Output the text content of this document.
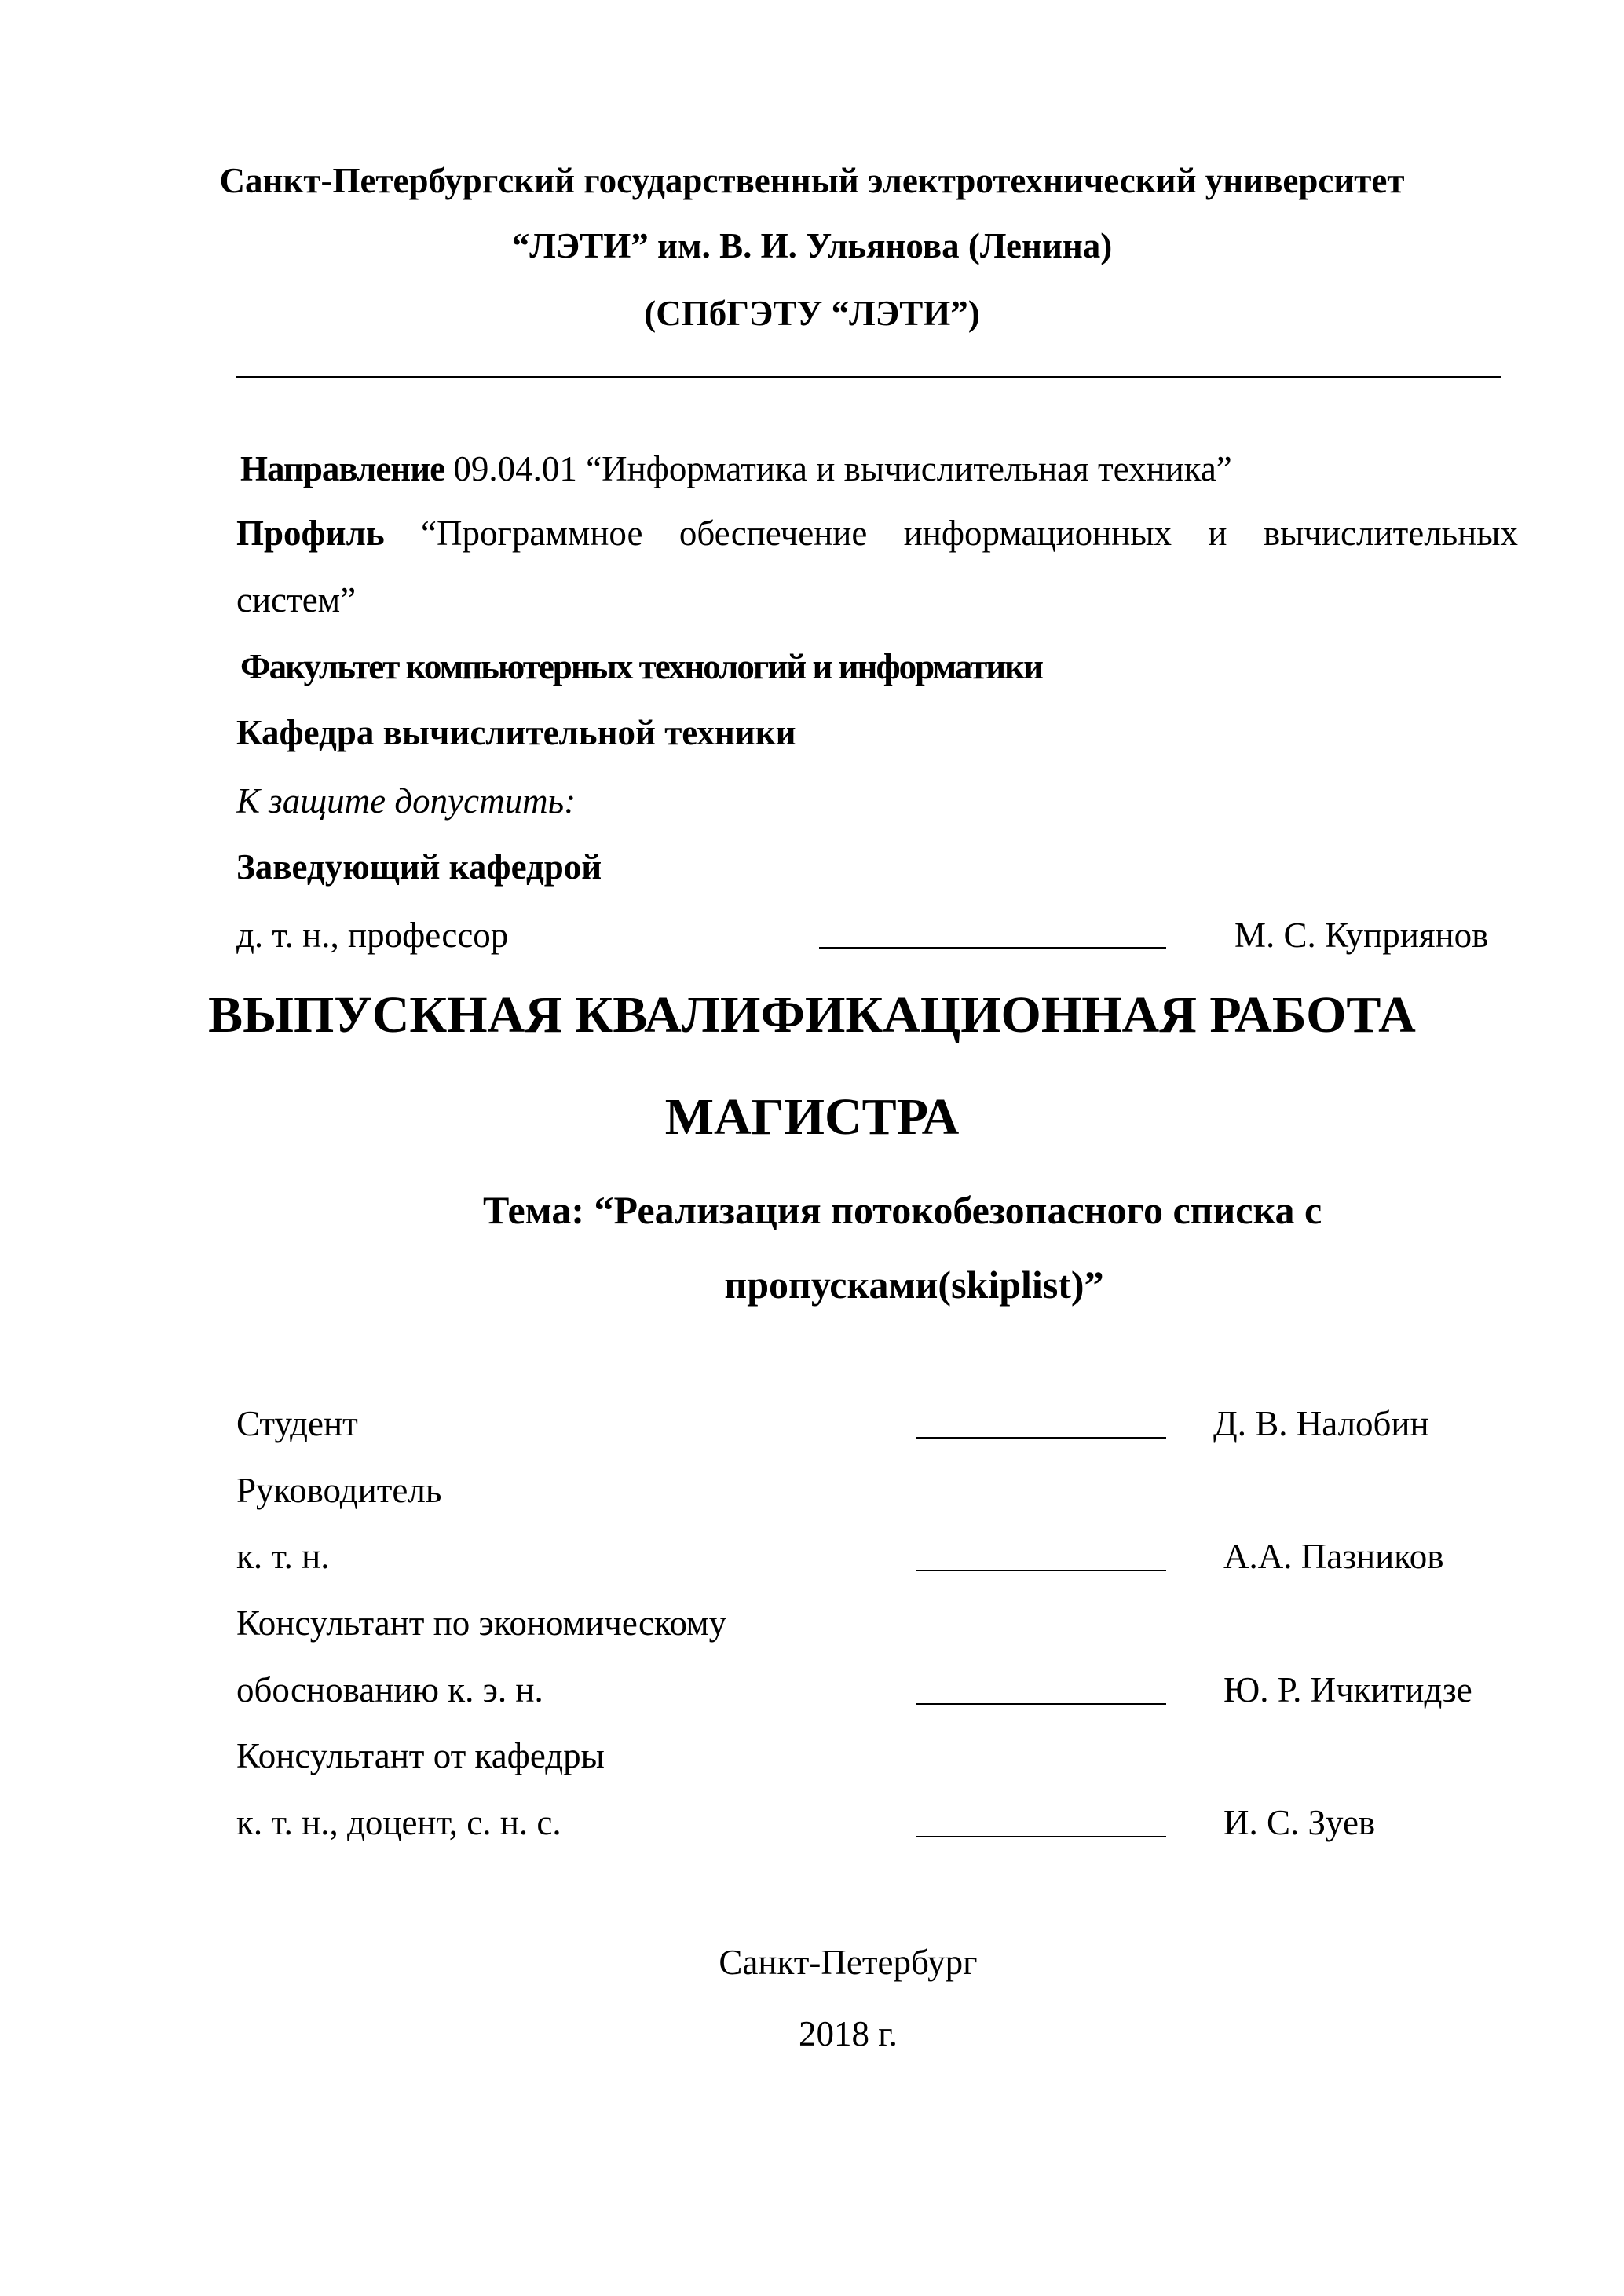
Санкт-Петербургский государственный электротехнический университет
“ЛЭТИ” им. В. И. Ульянова (Ленина)
(СПбГЭТУ “ЛЭТИ”)
Направление 09.04.01 “Информатика и вычислительная техника”
Профиль “Программное обеспечение информационных и вычислительных
систем”
Факультет компьютерных технологий и информатики
Кафедра вычислительной техники
К защите допустить:
Заведующий кафедрой
д. т. н., профессор	М. С. Куприянов
ВЫПУСКНАЯ КВАЛИФИКАЦИОННАЯ РАБОТА
МАГИСТРА
Тема: “Реализация потокобезопасного списка с
пропусками(skiplist)”
Студент	Д. В. Налобин
Руководитель
к. т. н.	А.А. Пазников
Консультант по экономическому
обоснованию к. э. н.	Ю. Р. Ичкитидзе
Консультант от кафедры
к. т. н., доцент, с. н. с.	И. С. Зуев
Санкт-Петербург
2018 г.
